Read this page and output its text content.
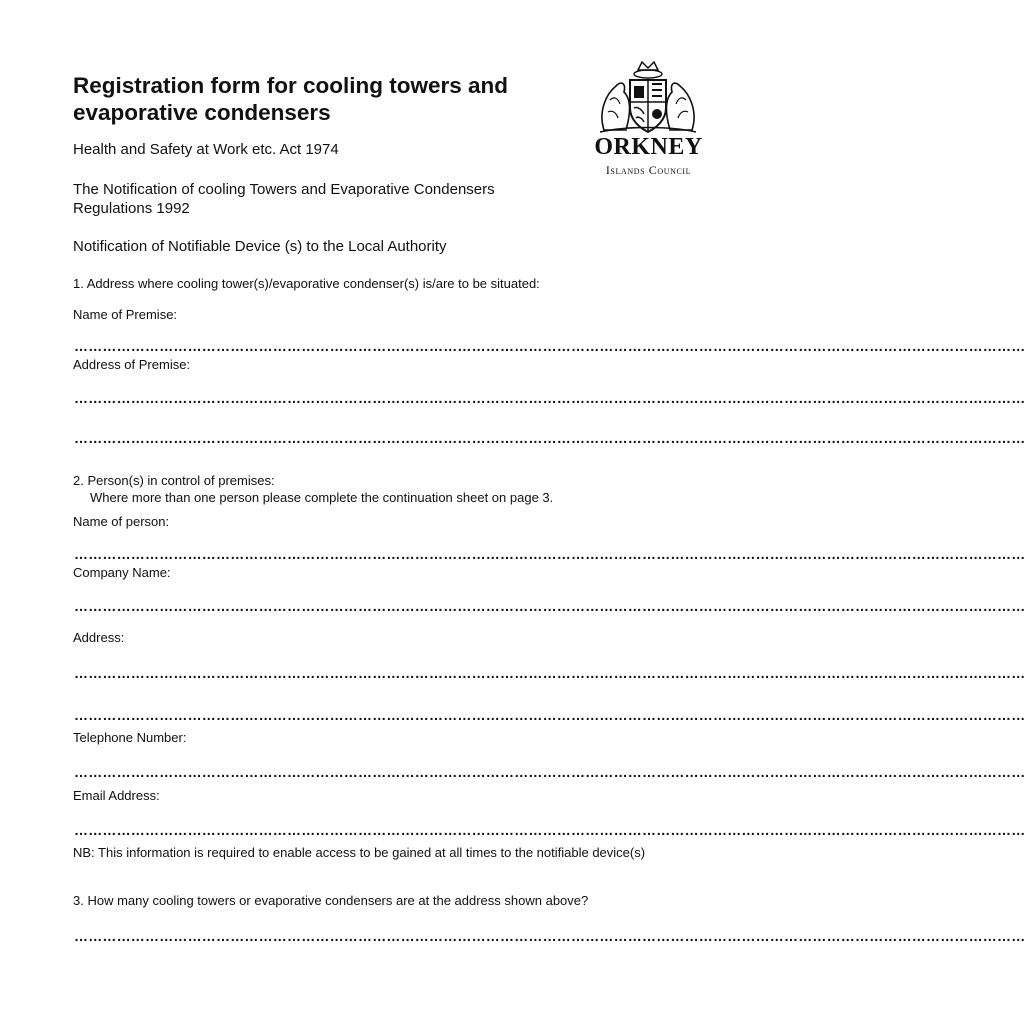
Registration form for cooling towers and evaporative condensers
Health and Safety at Work etc. Act 1974
The Notification of cooling Towers and Evaporative Condensers Regulations 1992
Notification of Notifiable Device (s) to the Local Authority
ORKNEY
Islands Council
1. Address where cooling tower(s)/evaporative condenser(s) is/are to be situated:
Name of Premise:
…………………………………………………………………………………………………………………………………………………………………………………
Address of Premise:
…………………………………………………………………………………………………………………………………………………………………………………
…………………………………………………………………………………………………………………………………………………………………………………
2. Person(s) in control of premises:
Where more than one person please complete the continuation sheet on page 3.
Name of person:
…………………………………………………………………………………………………………………………………………………………………………………
Company Name:
…………………………………………………………………………………………………………………………………………………………………………………
Address:
…………………………………………………………………………………………………………………………………………………………………………………
…………………………………………………………………………………………………………………………………………………………………………………
Telephone Number:
…………………………………………………………………………………………………………………………………………………………………………………
Email Address:
…………………………………………………………………………………………………………………………………………………………………………………
NB: This information is required to enable access to be gained at all times to the notifiable device(s)
3. How many cooling towers or evaporative condensers are at the address shown above?
…………………………………………………………………………………………………………………………………………………………………………………
